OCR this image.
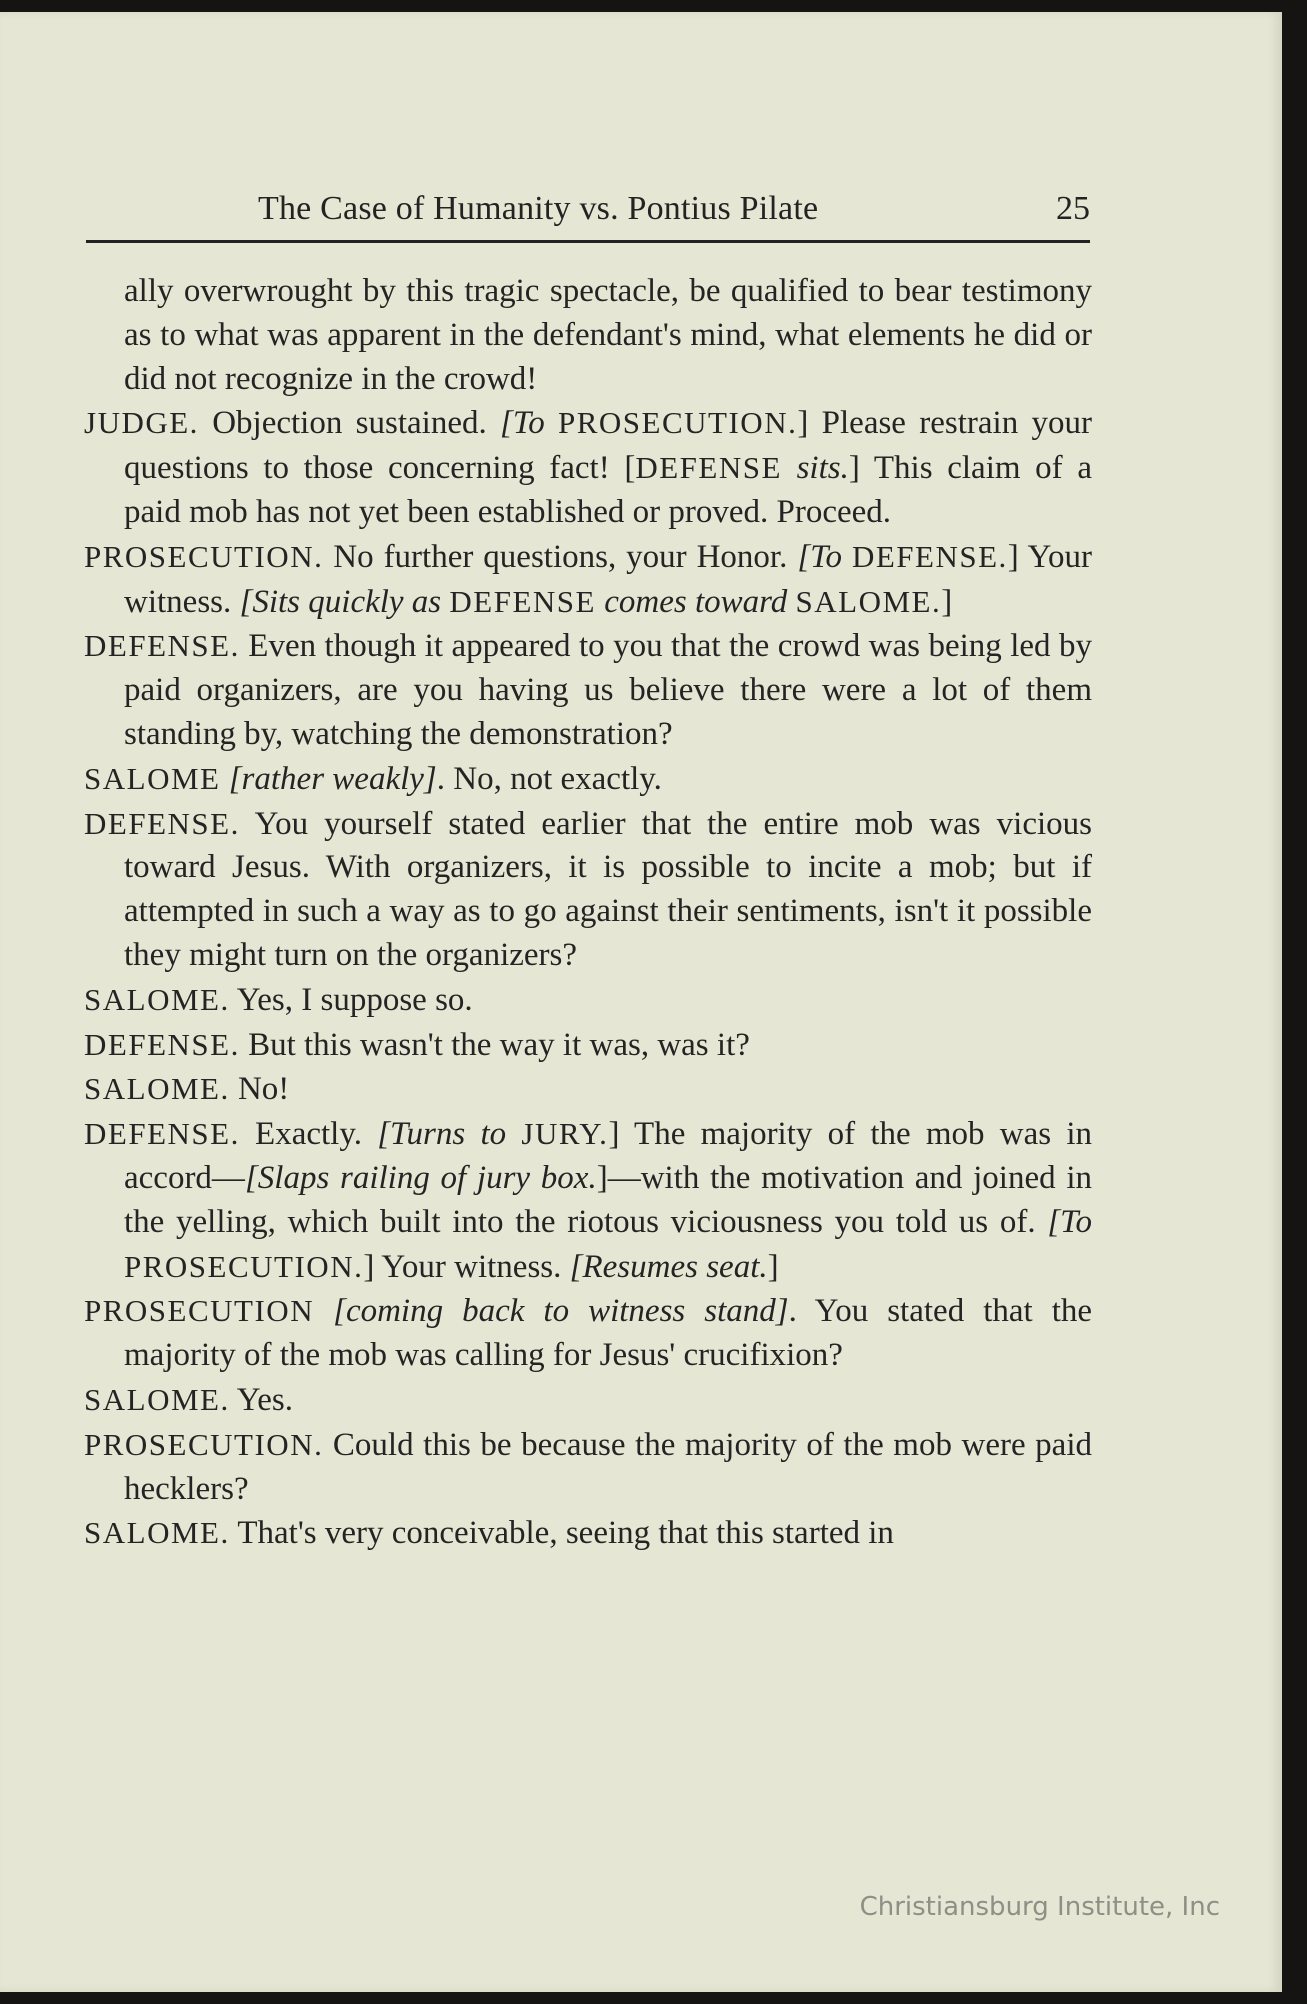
The Case of Humanity vs. Pontius Pilate	25

ally overwrought by this tragic spectacle, be qualified to bear testimony as to what was apparent in the defendant's mind, what elements he did or did not recognize in the crowd!

JUDGE. Objection sustained. [To PROSECUTION.] Please restrain your questions to those concerning fact! [DEFENSE sits.] This claim of a paid mob has not yet been established or proved. Proceed.

PROSECUTION. No further questions, your Honor. [To DEFENSE.] Your witness. [Sits quickly as DEFENSE comes toward SALOME.]

DEFENSE. Even though it appeared to you that the crowd was being led by paid organizers, are you having us believe there were a lot of them standing by, watching the demonstration?

SALOME [rather weakly]. No, not exactly.

DEFENSE. You yourself stated earlier that the entire mob was vicious toward Jesus. With organizers, it is possible to incite a mob; but if attempted in such a way as to go against their sentiments, isn't it possible they might turn on the organizers?

SALOME. Yes, I suppose so.

DEFENSE. But this wasn't the way it was, was it?

SALOME. No!

DEFENSE. Exactly. [Turns to JURY.] The majority of the mob was in accord—[Slaps railing of jury box.]—with the motivation and joined in the yelling, which built into the riotous viciousness you told us of. [To PROSECUTION.] Your witness. [Resumes seat.]

PROSECUTION [coming back to witness stand]. You stated that the majority of the mob was calling for Jesus' crucifixion?

SALOME. Yes.

PROSECUTION. Could this be because the majority of the mob were paid hecklers?

SALOME. That's very conceivable, seeing that this started in

Christiansburg Institute, Inc
